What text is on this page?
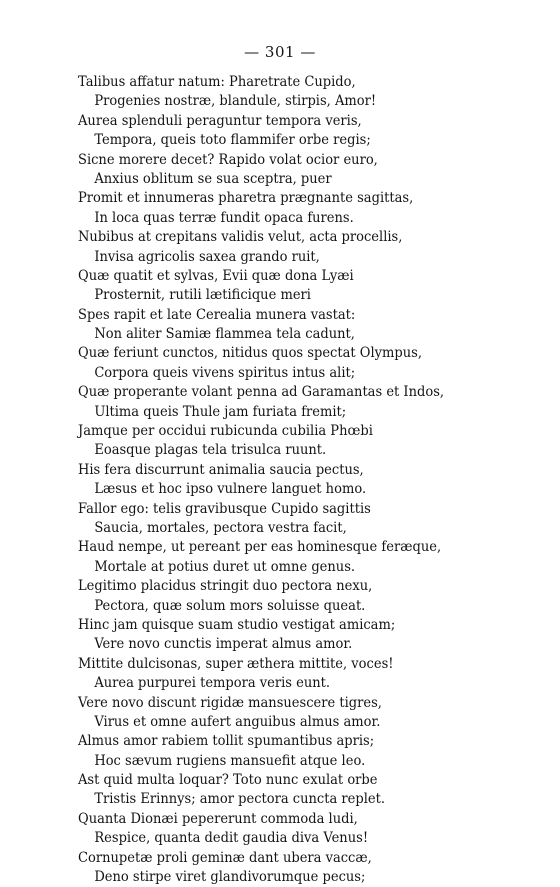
— 301 —
Talibus affatur natum: Pharetrate Cupido,
Progenies nostræ, blandule, stirpis, Amor!
Aurea splenduli peraguntur tempora veris,
Tempora, queis toto flammifer orbe regis;
Sicne morere decet? Rapido volat ocior euro,
Anxius oblitum se sua sceptra, puer
Promit et innumeras pharetra prægnante sagittas,
In loca quas terræ fundit opaca furens.
Nubibus at crepitans validis velut, acta procellis,
Invisa agricolis saxea grando ruit,
Quæ quatit et sylvas, Evii quæ dona Lyæi
Prosternit, rutili lætificique meri
Spes rapit et late Cerealia munera vastat:
Non aliter Samiæ flammea tela cadunt,
Quæ feriunt cunctos, nitidus quos spectat Olympus,
Corpora queis vivens spiritus intus alit;
Quæ properante volant penna ad Garamantas et Indos,
Ultima queis Thule jam furiata fremit;
Jamque per occidui rubicunda cubilia Phœbi
Eoasque plagas tela trisulca ruunt.
His fera discurrunt animalia saucia pectus,
Læsus et hoc ipso vulnere languet homo.
Fallor ego: telis gravibusque Cupido sagittis
Saucia, mortales, pectora vestra facit,
Haud nempe, ut pereant per eas hominesque feræque,
Mortale at potius duret ut omne genus.
Legitimo placidus stringit duo pectora nexu,
Pectora, quæ solum mors soluisse queat.
Hinc jam quisque suam studio vestigat amicam;
Vere novo cunctis imperat almus amor.
Mittite dulcisonas, super æthera mittite, voces!
Aurea purpurei tempora veris eunt.
Vere novo discunt rigidæ mansuescere tigres,
Virus et omne aufert anguibus almus amor.
Almus amor rabiem tollit spumantibus apris;
Hoc sævum rugiens mansuefit atque leo.
Ast quid multa loquar? Toto nunc exulat orbe
Tristis Erinnys; amor pectora cuncta replet.
Quanta Dionæi pepererunt commoda ludi,
Respice, quanta dedit gaudia diva Venus!
Cornupetæ proli geminæ dant ubera vaccæ,
Deno stirpe viret glandivorumque pecus;
